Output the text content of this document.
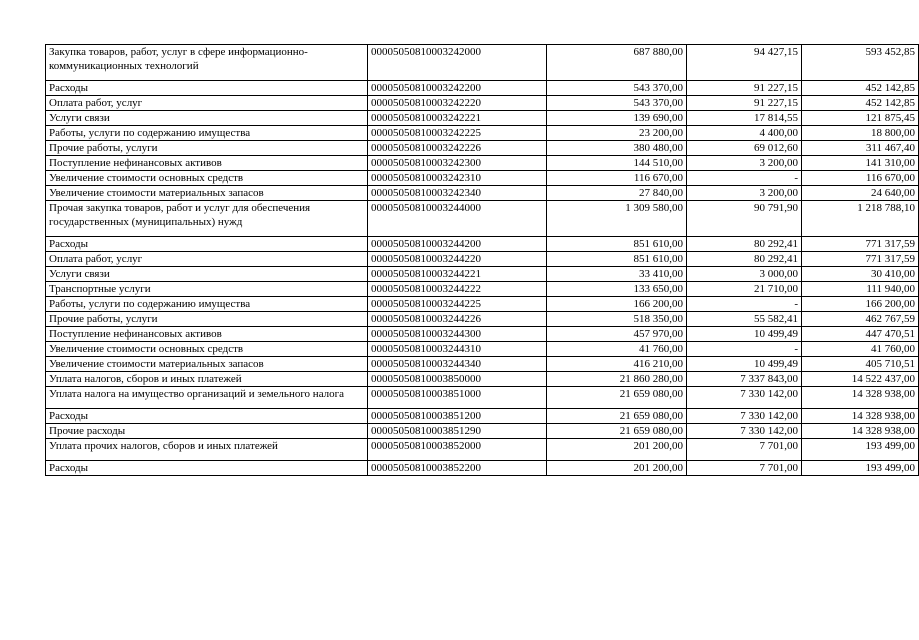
Закупка товаров, работ, услуг в сфере информационно-коммуникационных технологий	00005050810003242000	687 880,00	94 427,15	593 452,85
Расходы	00005050810003242200	543 370,00	91 227,15	452 142,85
Оплата работ, услуг	00005050810003242220	543 370,00	91 227,15	452 142,85
Услуги связи	00005050810003242221	139 690,00	17 814,55	121 875,45
Работы, услуги по содержанию имущества	00005050810003242225	23 200,00	4 400,00	18 800,00
Прочие работы, услуги	00005050810003242226	380 480,00	69 012,60	311 467,40
Поступление нефинансовых активов	00005050810003242300	144 510,00	3 200,00	141 310,00
Увеличение стоимости основных средств	00005050810003242310	116 670,00	-	116 670,00
Увеличение стоимости материальных запасов	00005050810003242340	27 840,00	3 200,00	24 640,00
Прочая закупка товаров, работ и услуг для обеспечения государственных (муниципальных) нужд	00005050810003244000	1 309 580,00	90 791,90	1 218 788,10
Расходы	00005050810003244200	851 610,00	80 292,41	771 317,59
Оплата работ, услуг	00005050810003244220	851 610,00	80 292,41	771 317,59
Услуги связи	00005050810003244221	33 410,00	3 000,00	30 410,00
Транспортные услуги	00005050810003244222	133 650,00	21 710,00	111 940,00
Работы, услуги по содержанию имущества	00005050810003244225	166 200,00	-	166 200,00
Прочие работы, услуги	00005050810003244226	518 350,00	55 582,41	462 767,59
Поступление нефинансовых активов	00005050810003244300	457 970,00	10 499,49	447 470,51
Увеличение стоимости основных средств	00005050810003244310	41 760,00	-	41 760,00
Увеличение стоимости материальных запасов	00005050810003244340	416 210,00	10 499,49	405 710,51
Уплата налогов, сборов и иных платежей	00005050810003850000	21 860 280,00	7 337 843,00	14 522 437,00
Уплата налога на имущество организаций и земельного налога	00005050810003851000	21 659 080,00	7 330 142,00	14 328 938,00
Расходы	00005050810003851200	21 659 080,00	7 330 142,00	14 328 938,00
Прочие расходы	00005050810003851290	21 659 080,00	7 330 142,00	14 328 938,00
Уплата прочих налогов, сборов и иных платежей	00005050810003852000	201 200,00	7 701,00	193 499,00
Расходы	00005050810003852200	201 200,00	7 701,00	193 499,00
